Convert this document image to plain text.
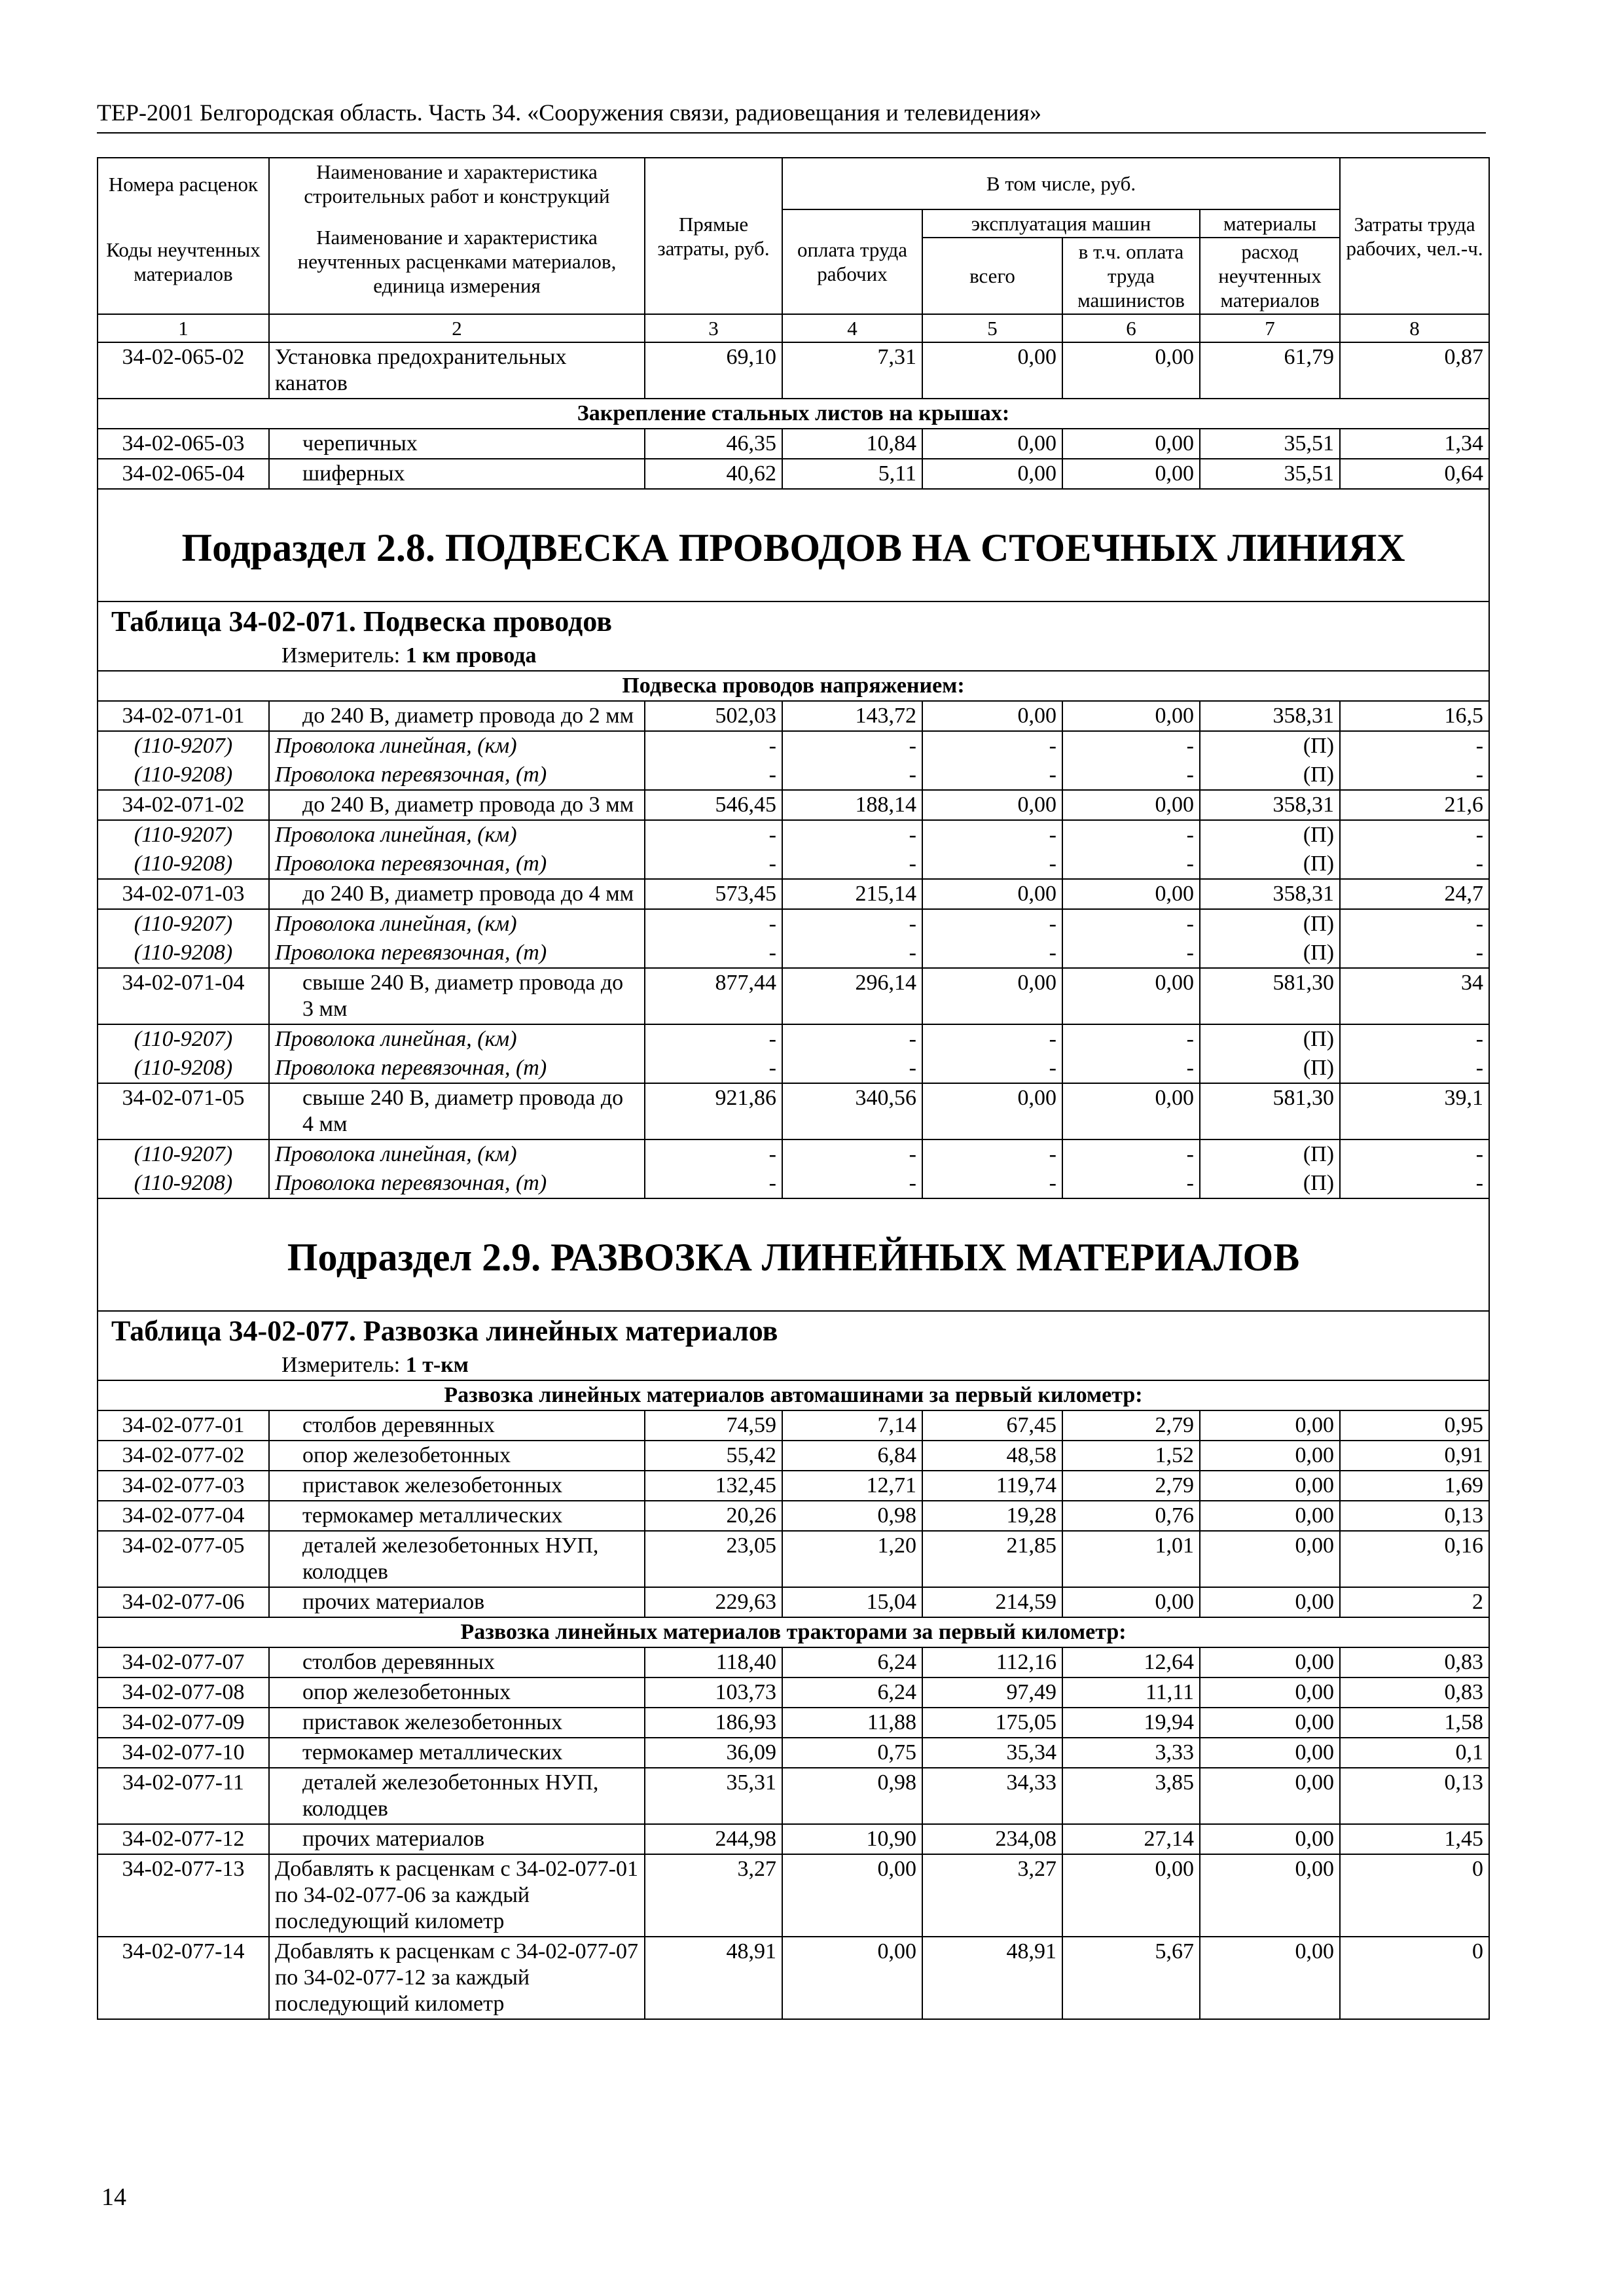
ТЕР-2001 Белгородская область. Часть 34. «Сооружения связи, радиовещания и телевидения»
Номера расценок	Наименование и характеристика строительных работ и конструкций	Прямые затраты, руб.	В том числе, руб.				Затраты труда рабочих, чел.-ч.
Коды неучтенных материалов	Наименование и характеристика неучтенных расценками материалов, единица измерения		оплата труда рабочих	эксплуатация машин		материалы	
				всего	в т.ч. оплата труда машинистов	расход неучтенных материалов	

1	2	3	4	5	6	7	8
34-02-065-02	Установка предохранительных канатов	69,10	7,31	0,00	0,00	61,79	0,87
Закрепление стальных листов на крышах:							
34-02-065-03	черепичных	46,35	10,84	0,00	0,00	35,51	1,34
34-02-065-04	шиферных	40,62	5,11	0,00	0,00	35,51	0,64
Подраздел 2.8. ПОДВЕСКА ПРОВОДОВ НА СТОЕЧНЫХ ЛИНИЯХ							
Таблица 34-02-071. Подвеска проводов							
Измеритель: 1 км провода							
Подвеска проводов напряжением:							
34-02-071-01	до 240 В, диаметр провода до 2 мм	502,03	143,72	0,00	0,00	358,31	16,5
(110-9207)	Проволока линейная, (км)	-	-	-	-	(П)	-
(110-9208)	Проволока перевязочная, (т)	-	-	-	-	(П)	-
34-02-071-02	до 240 В, диаметр провода до 3 мм	546,45	188,14	0,00	0,00	358,31	21,6
(110-9207)	Проволока линейная, (км)	-	-	-	-	(П)	-
(110-9208)	Проволока перевязочная, (т)	-	-	-	-	(П)	-
34-02-071-03	до 240 В, диаметр провода до 4 мм	573,45	215,14	0,00	0,00	358,31	24,7
(110-9207)	Проволока линейная, (км)	-	-	-	-	(П)	-
(110-9208)	Проволока перевязочная, (т)	-	-	-	-	(П)	-
34-02-071-04	свыше 240 В, диаметр провода до 3 мм	877,44	296,14	0,00	0,00	581,30	34
(110-9207)	Проволока линейная, (км)	-	-	-	-	(П)	-
(110-9208)	Проволока перевязочная, (т)	-	-	-	-	(П)	-
34-02-071-05	свыше 240 В, диаметр провода до 4 мм	921,86	340,56	0,00	0,00	581,30	39,1
(110-9207)	Проволока линейная, (км)	-	-	-	-	(П)	-
(110-9208)	Проволока перевязочная, (т)	-	-	-	-	(П)	-
Подраздел 2.9. РАЗВОЗКА ЛИНЕЙНЫХ МАТЕРИАЛОВ							
Таблица 34-02-077. Развозка линейных материалов							
Измеритель: 1 т-км							
Развозка линейных материалов автомашинами за первый километр:							
34-02-077-01	столбов деревянных	74,59	7,14	67,45	2,79	0,00	0,95
34-02-077-02	опор железобетонных	55,42	6,84	48,58	1,52	0,00	0,91
34-02-077-03	приставок железобетонных	132,45	12,71	119,74	2,79	0,00	1,69
34-02-077-04	термокамер металлических	20,26	0,98	19,28	0,76	0,00	0,13
34-02-077-05	деталей железобетонных НУП, колодцев	23,05	1,20	21,85	1,01	0,00	0,16
34-02-077-06	прочих материалов	229,63	15,04	214,59	0,00	0,00	2
Развозка линейных материалов тракторами за первый километр:							
34-02-077-07	столбов деревянных	118,40	6,24	112,16	12,64	0,00	0,83
34-02-077-08	опор железобетонных	103,73	6,24	97,49	11,11	0,00	0,83
34-02-077-09	приставок железобетонных	186,93	11,88	175,05	19,94	0,00	1,58
34-02-077-10	термокамер металлических	36,09	0,75	35,34	3,33	0,00	0,1
34-02-077-11	деталей железобетонных НУП, колодцев	35,31	0,98	34,33	3,85	0,00	0,13
34-02-077-12	прочих материалов	244,98	10,90	234,08	27,14	0,00	1,45
34-02-077-13	Добавлять к расценкам с 34-02-077-01 по 34-02-077-06 за каждый последующий километр	3,27	0,00	3,27	0,00	0,00	0
34-02-077-14	Добавлять к расценкам с 34-02-077-07 по 34-02-077-12 за каждый последующий километр	48,91	0,00	48,91	5,67	0,00	0
14
